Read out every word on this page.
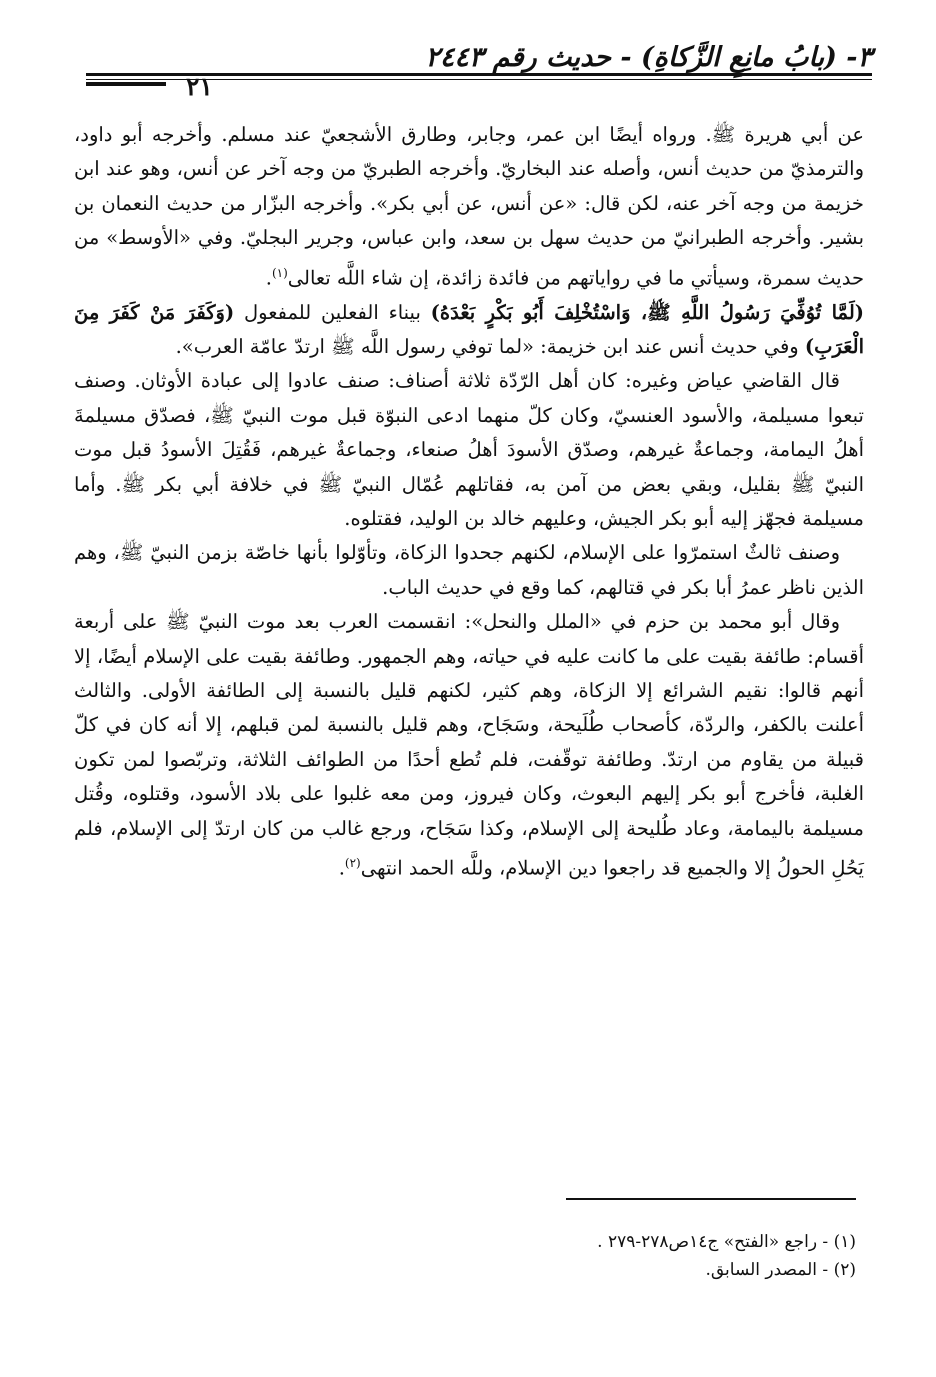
٣- (بابُ مانِعِ الزَّكاةِ) - حديث رقم ٢٤٤٣
٢١

عن أبي هريرة ﷺ. ورواه أيضًا ابن عمر، وجابر، وطارق الأشجعيّ عند مسلم. وأخرجه أبو داود، والترمذيّ من حديث أنس، وأصله عند البخاريّ. وأخرجه الطبريّ من وجه آخر عن أنس، وهو عند ابن خزيمة من وجه آخر عنه، لكن قال: «عن أنس، عن أبي بكر». وأخرجه البزّار من حديث النعمان بن بشير. وأخرجه الطبرانيّ من حديث سهل بن سعد، وابن عباس، وجرير البجليّ. وفي «الأوسط» من حديث سمرة، وسيأتي ما في رواياتهم من فائدة زائدة، إن شاء اللَّه تعالى$^{(١)}$.

(لَمَّا تُوُفِّيَ رَسُولُ اللَّهِ ﷺ، وَاسْتُخْلِفَ أَبُو بَكْرٍ بَعْدَهُ) بيناء الفعلين للمفعول (وَكَفَرَ مَنْ كَفَرَ مِنَ الْعَرَبِ) وفي حديث أنس عند ابن خزيمة: «لما توفي رسول اللَّه ﷺ ارتدّ عامّة العرب».

قال القاضي عياض وغيره: كان أهل الرّدّة ثلاثة أصناف: صنف عادوا إلى عبادة الأوثان. وصنف تبعوا مسيلمة، والأسود العنسيّ، وكان كلّ منهما ادعى النبوّة قبل موت النبيّ ﷺ، فصدّق مسيلمةَ أهلُ اليمامة، وجماعةٌ غيرهم، وصدّق الأسودَ أهلُ صنعاء، وجماعةٌ غيرهم، فَقُتِلَ الأسودُ قبل موت النبيّ ﷺ بقليل، وبقي بعض من آمن به، فقاتلهم عُمّال النبيّ ﷺ في خلافة أبي بكر ﷺ. وأما مسيلمة فجهّز إليه أبو بكر الجيش، وعليهم خالد بن الوليد، فقتلوه.

وصنف ثالثٌ استمرّوا على الإسلام، لكنهم جحدوا الزكاة، وتأوّلوا بأنها خاصّة بزمن النبيّ ﷺ، وهم الذين ناظر عمرُ أبا بكر في قتالهم، كما وقع في حديث الباب.

وقال أبو محمد بن حزم في «الملل والنحل»: انقسمت العرب بعد موت النبيّ ﷺ على أربعة أقسام: طائفة بقيت على ما كانت عليه في حياته، وهم الجمهور. وطائفة بقيت على الإسلام أيضًا، إلا أنهم قالوا: نقيم الشرائع إلا الزكاة، وهم كثير، لكنهم قليل بالنسبة إلى الطائفة الأولى. والثالث أعلنت بالكفر، والردّة، كأصحاب طُلَيحة، وسَجَاح، وهم قليل بالنسبة لمن قبلهم، إلا أنه كان في كلّ قبيلة من يقاوم من ارتدّ. وطائفة توقّفت، فلم تُطع أحدًا من الطوائف الثلاثة، وتربّصوا لمن تكون الغلبة، فأخرج أبو بكر إليهم البعوث، وكان فيروز، ومن معه غلبوا على بلاد الأسود، وقتلوه، وقُتل مسيلمة باليمامة، وعاد طُليحة إلى الإسلام، وكذا سَجَاح، ورجع غالب من كان ارتدّ إلى الإسلام، فلم يَحُلِ الحولُ إلا والجميع قد راجعوا دين الإسلام، وللَّه الحمد انتهى$^{(٢)}$.

(١) - راجع «الفتح» ج١٤ص٢٧٨-٢٧٩ .

(٢) - المصدر السابق.
